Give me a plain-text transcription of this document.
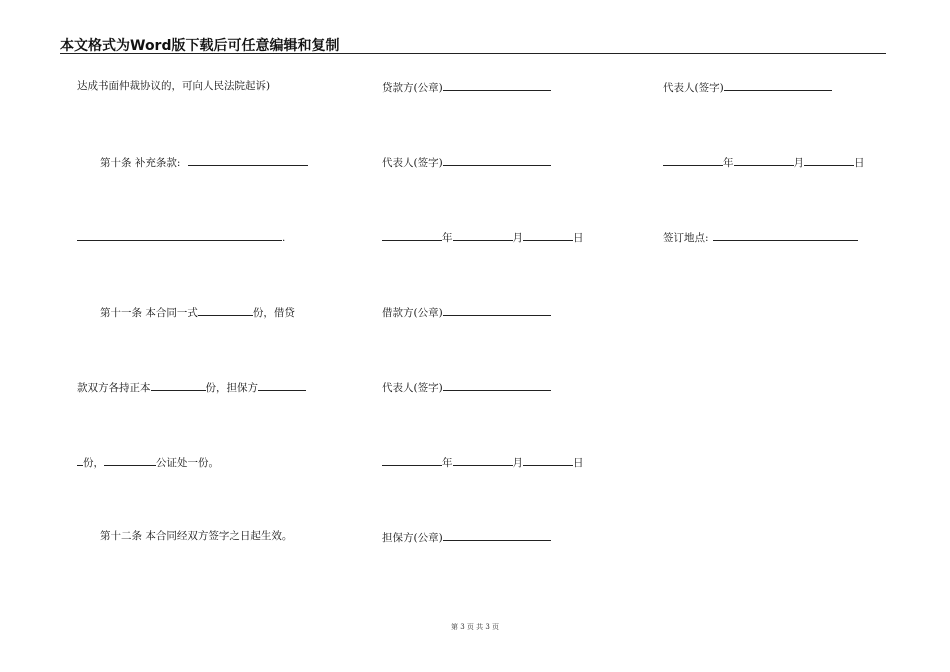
本文格式为Word版下载后可任意编辑和复制
达成书面仲裁协议的，可向人民法院起诉)
第十条 补充条款:
.
第十一条 本合同一式	份，借贷
款双方各持正本	份，担保方
份，	公证处一份。
第十二条 本合同经双方签字之日起生效。
贷款方(公章)
代表人(签字)
年	月	日
借款方(公章)
代表人(签字)
年	月	日
担保方(公章)
代表人(签字)
年	月	日
签订地点:
第 3 页 共 3 页
